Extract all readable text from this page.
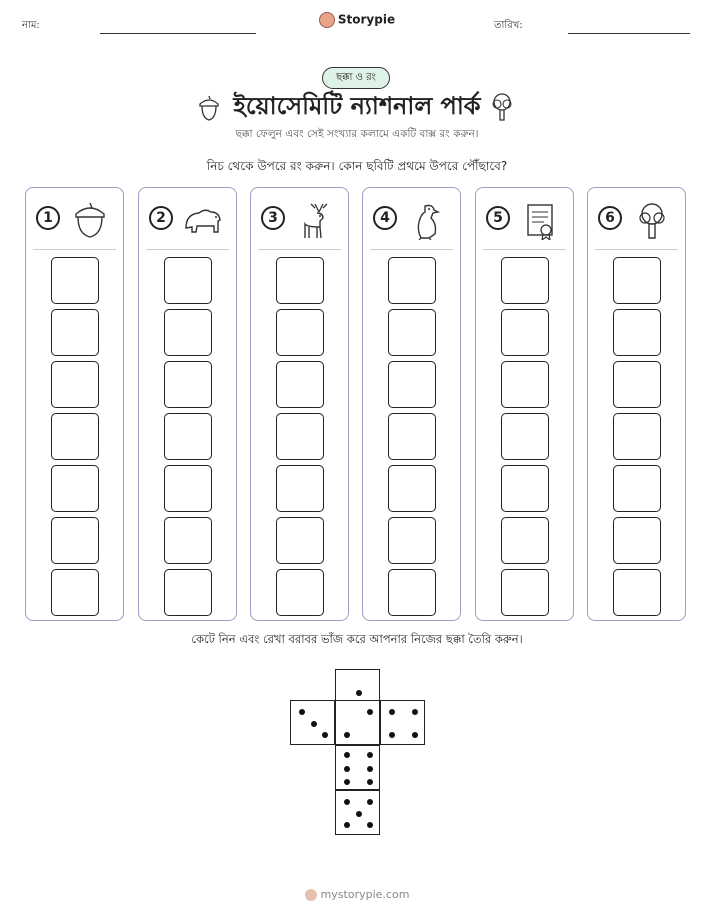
নাম:	Storypie	তারিখ:
ছক্কা ও রং
ইয়োসেমিটি ন্যাশনাল পার্ক
ছক্কা ফেলুন এবং সেই সংখ্যার কলামে একটি বাক্স রং করুন।
নিচ থেকে উপরে রং করুন। কোন ছবিটি প্রথমে উপরে পৌঁছাবে?
1	2	3	4	5	6
কেটে নিন এবং রেখা বরাবর ভাঁজ করে আপনার নিজের ছক্কা তৈরি করুন।
mystorypie.com
